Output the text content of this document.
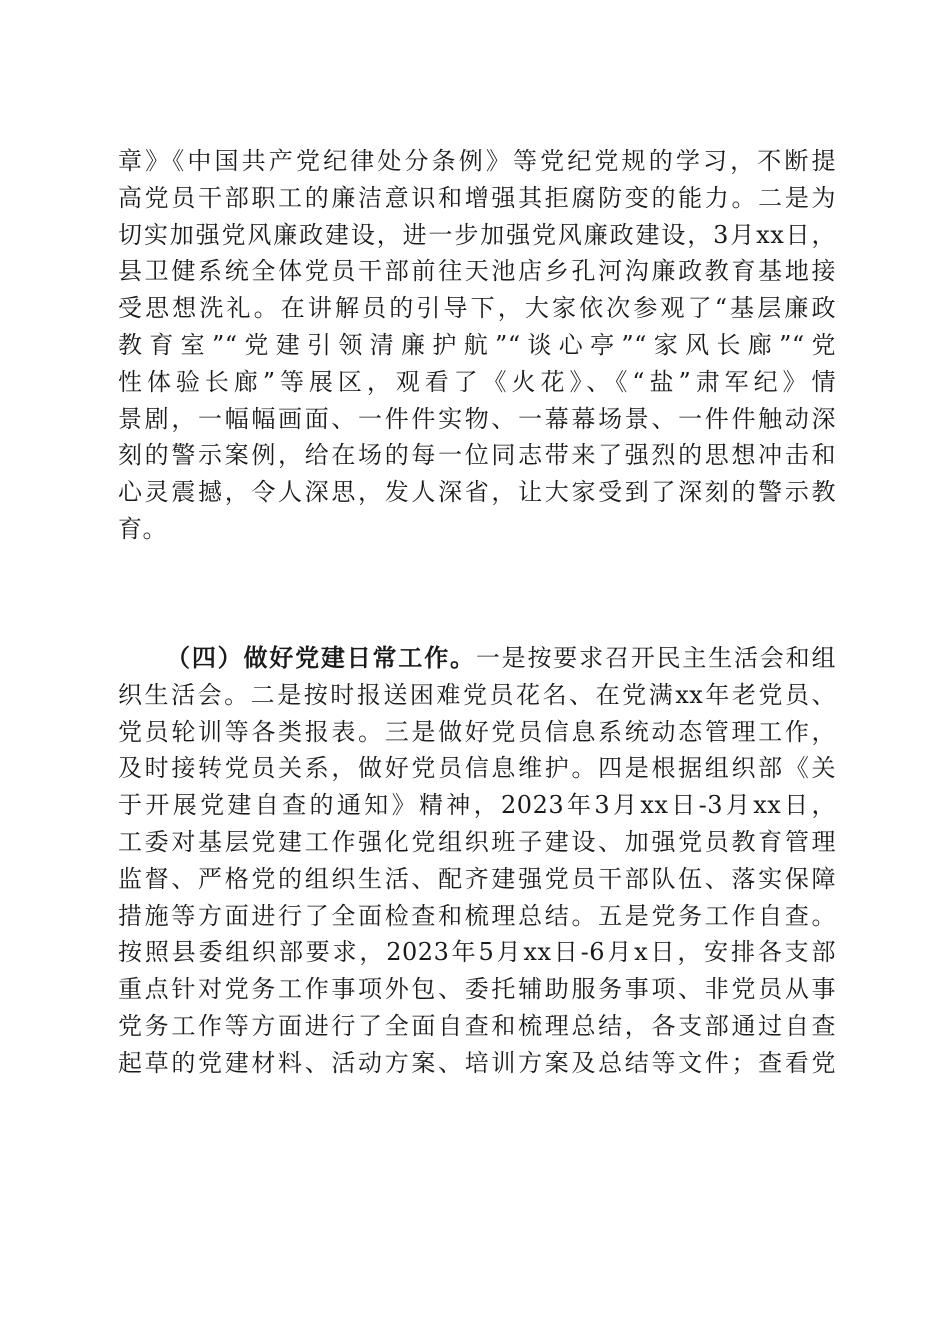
章》《中国共产党纪律处分条例》等党纪党规的学习，不断提
高党员干部职工的廉洁意识和增强其拒腐防变的能力。二是为
切实加强党风廉政建设，进一步加强党风廉政建设，3月xx日，
县卫健系统全体党员干部前往天池店乡孔河沟廉政教育基地接
受思想洗礼。在讲解员的引导下，大家依次参观了“基层廉政
教育室”“党建引领清廉护航”“谈心亭”“家风长廊”“党
性体验长廊”等展区，观看了《火花》、《“盐”肃军纪》情
景剧，一幅幅画面、一件件实物、一幕幕场景、一件件触动深
刻的警示案例，给在场的每一位同志带来了强烈的思想冲击和
心灵震撼，令人深思，发人深省，让大家受到了深刻的警示教
育。
（四）做好党建日常工作。一是按要求召开民主生活会和组
织生活会。二是按时报送困难党员花名、在党满xx年老党员、
党员轮训等各类报表。三是做好党员信息系统动态管理工作，
及时接转党员关系，做好党员信息维护。四是根据组织部《关
于开展党建自查的通知》精神，2023年3月xx日-3月xx日，
工委对基层党建工作强化党组织班子建设、加强党员教育管理
监督、严格党的组织生活、配齐建强党员干部队伍、落实保障
措施等方面进行了全面检查和梳理总结。五是党务工作自查。
按照县委组织部要求，2023年5月xx日-6月x日，安排各支部
重点针对党务工作事项外包、委托辅助服务事项、非党员从事
党务工作等方面进行了全面自查和梳理总结，各支部通过自查
起草的党建材料、活动方案、培训方案及总结等文件；查看党
